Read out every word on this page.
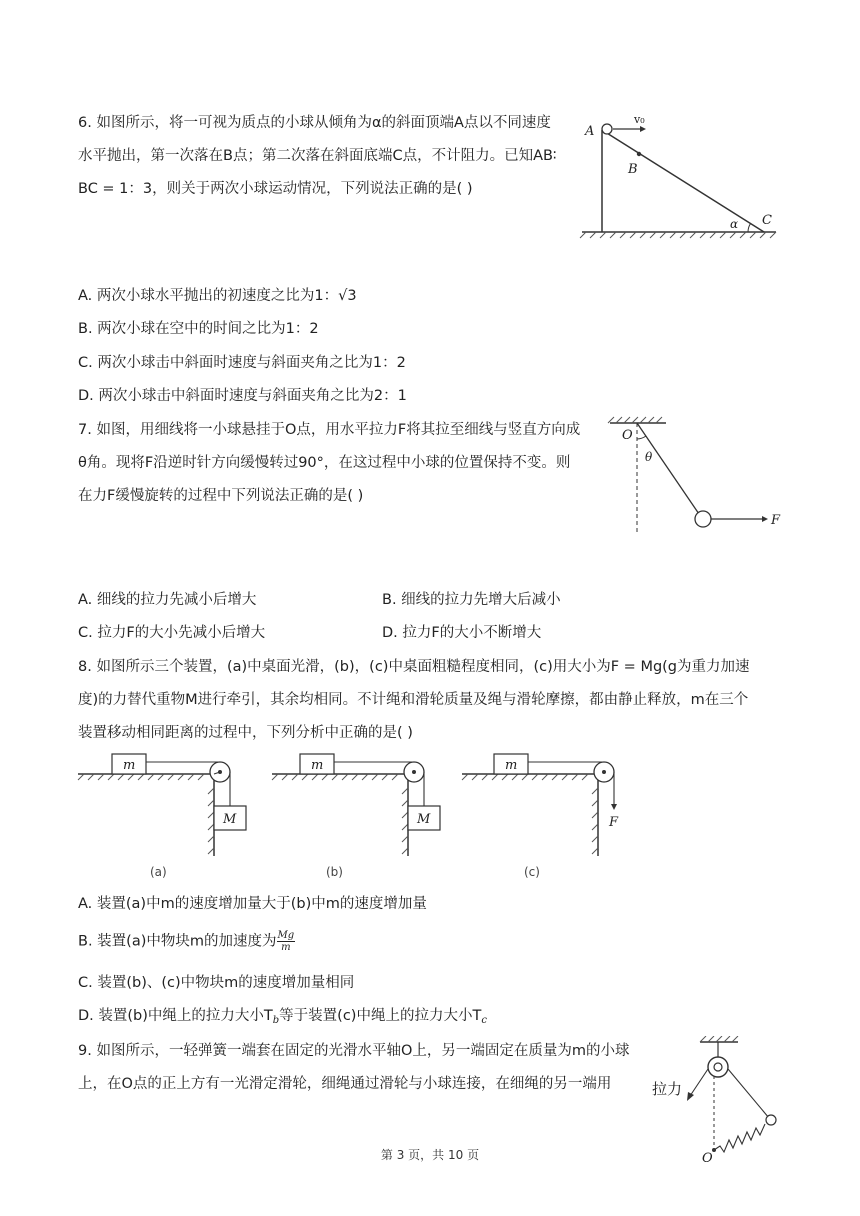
6. 如图所示，将一可视为质点的小球从倾角为α的斜面顶端A点以不同速度
水平抛出，第一次落在B点；第二次落在斜面底端C点，不计阻力。已知AB∶
BC = 1：3，则关于两次小球运动情况，下列说法正确的是( )
A
B
C
v₀
α
A. 两次小球水平抛出的初速度之比为1：√3
B. 两次小球在空中的时间之比为1：2
C. 两次小球击中斜面时速度与斜面夹角之比为1：2
D. 两次小球击中斜面时速度与斜面夹角之比为2：1
7. 如图，用细线将一小球悬挂于O点，用水平拉力F将其拉至细线与竖直方向成
θ角。现将F沿逆时针方向缓慢转过90°，在这过程中小球的位置保持不变。则
在力F缓慢旋转的过程中下列说法正确的是( )
O
θ
F
A. 细线的拉力先减小后增大	B. 细线的拉力先增大后减小
C. 拉力F的大小先减小后增大	D. 拉力F的大小不断增大
8. 如图所示三个装置，(a)中桌面光滑，(b)，(c)中桌面粗糙程度相同，(c)用大小为F = Mg(g为重力加速
度)的力替代重物M进行牵引，其余均相同。不计绳和滑轮质量及绳与滑轮摩擦，都由静止释放，m在三个
装置移动相同距离的过程中，下列分析中正确的是( )
m
M
(a)
m
M
(b)
m
F
(c)
A. 装置(a)中m的速度增加量大于(b)中m的速度增加量
B. 装置(a)中物块m的加速度为 $\frac{Mg}{m}$
C. 装置(b)、(c)中物块m的速度增加量相同
D. 装置(b)中绳上的拉力大小$T_b$等于装置(c)中绳上的拉力大小$T_c$
9. 如图所示，一轻弹簧一端套在固定的光滑水平轴O上，另一端固定在质量为m的小球
上，在O点的正上方有一光滑定滑轮，细绳通过滑轮与小球连接，在细绳的另一端用	拉力
O
第 3 页，共 10 页
